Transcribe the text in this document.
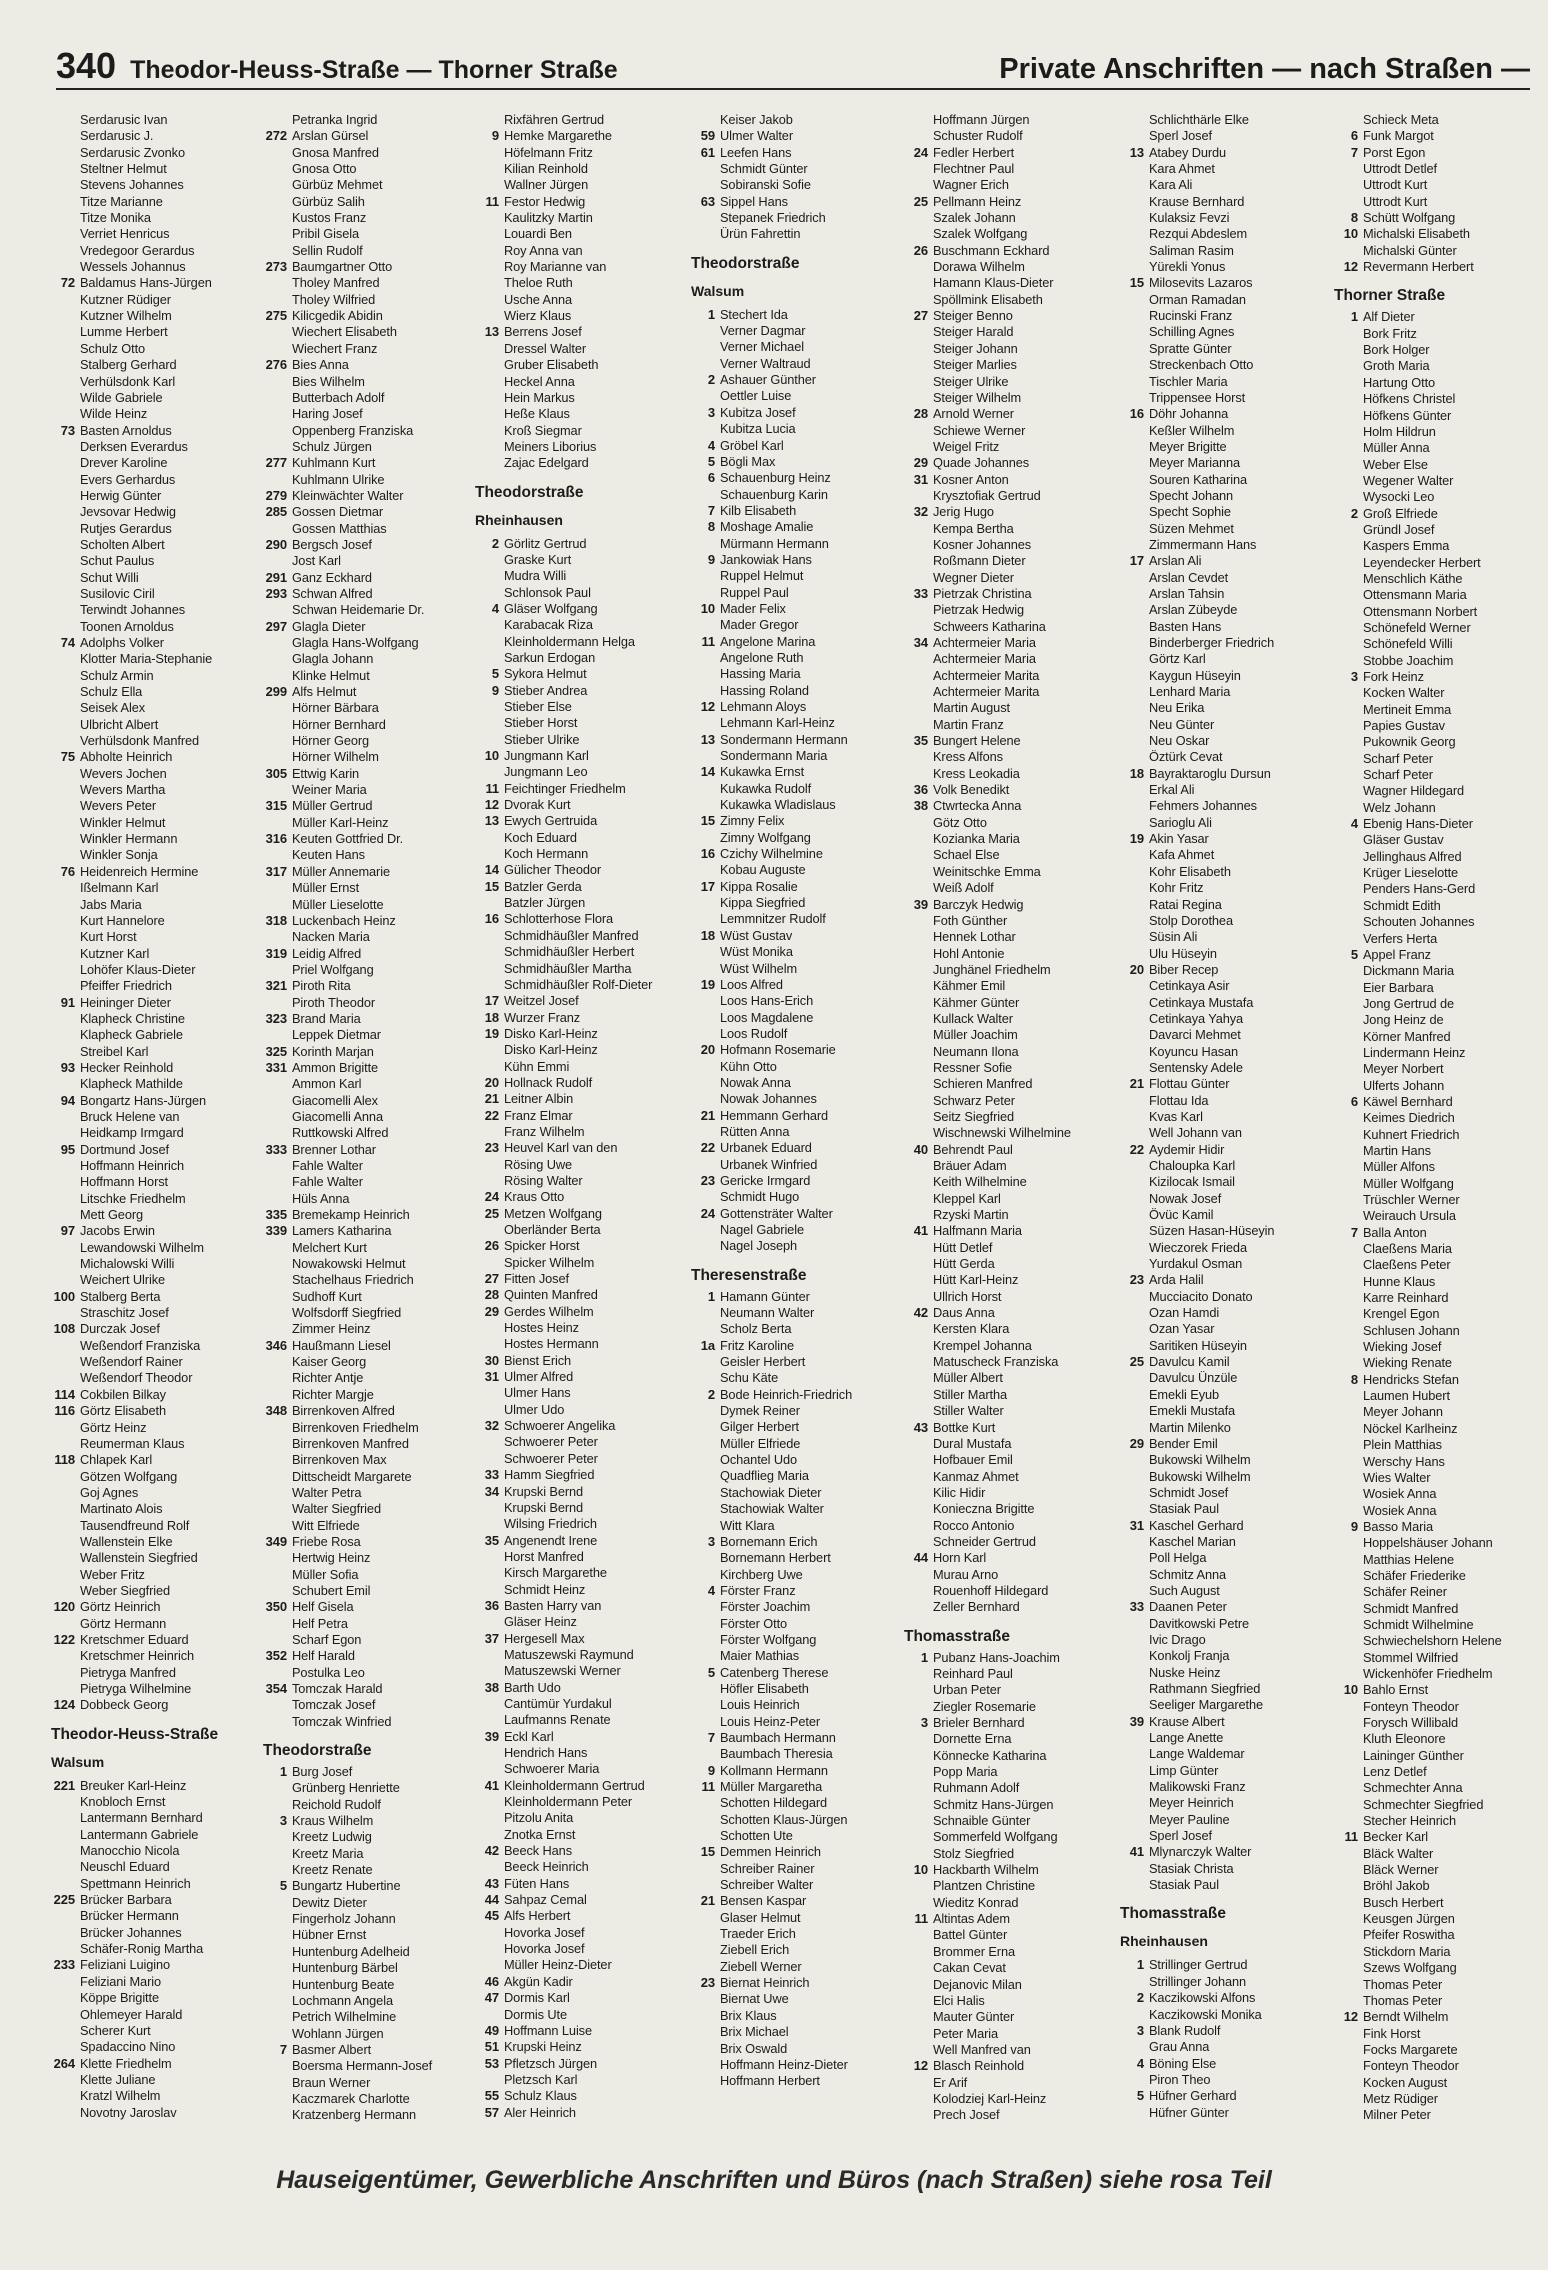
340 Theodor-Heuss-Straße — Thorner Straße	Private Anschriften — nach Straßen —
Serdarusic Ivan
Serdarusic J.
Serdarusic Zvonko
Steltner Helmut
Stevens Johannes
Titze Marianne
Titze Monika
Verriet Henricus
Vredegoor Gerardus
Wessels Johannus
72 Baldamus Hans-Jürgen
Kutzner Rüdiger
Kutzner Wilhelm
Lumme Herbert
Schulz Otto
Stalberg Gerhard
Verhülsdonk Karl
Wilde Gabriele
Wilde Heinz
73 Basten Arnoldus
Derksen Everardus
Drever Karoline
Evers Gerhardus
Herwig Günter
Jevsovar Hedwig
Rutjes Gerardus
Scholten Albert
Schut Paulus
Schut Willi
Susilovic Ciril
Terwindt Johannes
Toonen Arnoldus
74 Adolphs Volker
Klotter Maria-Stephanie
Schulz Armin
Schulz Ella
Seisek Alex
Ulbricht Albert
Verhülsdonk Manfred
75 Abholte Heinrich
Wevers Jochen
Wevers Martha
Wevers Peter
Winkler Helmut
Winkler Hermann
Winkler Sonja
76 Heidenreich Hermine
Ißelmann Karl
Jabs Maria
Kurt Hannelore
Kurt Horst
Kutzner Karl
Lohöfer Klaus-Dieter
Pfeiffer Friedrich
91 Heininger Dieter
Klapheck Christine
Klapheck Gabriele
Streibel Karl
93 Hecker Reinhold
Klapheck Mathilde
94 Bongartz Hans-Jürgen
Bruck Helene van
Heidkamp Irmgard
95 Dortmund Josef
Hoffmann Heinrich
Hoffmann Horst
Litschke Friedhelm
Mett Georg
97 Jacobs Erwin
Lewandowski Wilhelm
Michalowski Willi
Weichert Ulrike
100 Stalberg Berta
Straschitz Josef
108 Durczak Josef
Weßendorf Franziska
Weßendorf Rainer
Weßendorf Theodor
114 Cokbilen Bilkay
116 Görtz Elisabeth
Görtz Heinz
Reumerman Klaus
118 Chlapek Karl
Götzen Wolfgang
Goj Agnes
Martinato Alois
Tausendfreund Rolf
Wallenstein Elke
Wallenstein Siegfried
Weber Fritz
Weber Siegfried
120 Görtz Heinrich
Görtz Hermann
122 Kretschmer Eduard
Kretschmer Heinrich
Pietryga Manfred
Pietryga Wilhelmine
124 Dobbeck Georg
Theodor-Heuss-Straße
Walsum
221 Breuker Karl-Heinz
Knobloch Ernst
Lantermann Bernhard
Lantermann Gabriele
Manocchio Nicola
Neuschl Eduard
Spettmann Heinrich
225 Brücker Barbara
Brücker Hermann
Brücker Johannes
Schäfer-Ronig Martha
233 Feliziani Luigino
Feliziani Mario
Köppe Brigitte
Ohlemeyer Harald
Scherer Kurt
Spadaccino Nino
264 Klette Friedhelm
Klette Juliane
Kratzl Wilhelm
Novotny Jaroslav
Petranka Ingrid
272 Arslan Gürsel
Gnosa Manfred
Gnosa Otto
Gürbüz Mehmet
Gürbüz Salih
Kustos Franz
Pribil Gisela
Sellin Rudolf
273 Baumgartner Otto
Tholey Manfred
Tholey Wilfried
275 Kilicgedik Abidin
Wiechert Elisabeth
Wiechert Franz
276 Bies Anna
Bies Wilhelm
Butterbach Adolf
Haring Josef
Oppenberg Franziska
Schulz Jürgen
277 Kuhlmann Kurt
Kuhlmann Ulrike
279 Kleinwächter Walter
285 Gossen Dietmar
Gossen Matthias
290 Bergsch Josef
Jost Karl
291 Ganz Eckhard
293 Schwan Alfred
Schwan Heidemarie Dr.
297 Glagla Dieter
Glagla Hans-Wolfgang
Glagla Johann
Klinke Helmut
299 Alfs Helmut
Hörner Bärbara
Hörner Bernhard
Hörner Georg
Hörner Wilhelm
305 Ettwig Karin
Weiner Maria
315 Müller Gertrud
Müller Karl-Heinz
316 Keuten Gottfried Dr.
Keuten Hans
317 Müller Annemarie
Müller Ernst
Müller Lieselotte
318 Luckenbach Heinz
Nacken Maria
319 Leidig Alfred
Priel Wolfgang
321 Piroth Rita
Piroth Theodor
323 Brand Maria
Leppek Dietmar
325 Korinth Marjan
331 Ammon Brigitte
Ammon Karl
Giacomelli Alex
Giacomelli Anna
Ruttkowski Alfred
333 Brenner Lothar
Fahle Walter
Fahle Walter
Hüls Anna
335 Bremekamp Heinrich
339 Lamers Katharina
Melchert Kurt
Nowakowski Helmut
Stachelhaus Friedrich
Sudhoff Kurt
Wolfsdorff Siegfried
Zimmer Heinz
346 Haußmann Liesel
Kaiser Georg
Richter Antje
Richter Margje
348 Birrenkoven Alfred
Birrenkoven Friedhelm
Birrenkoven Manfred
Birrenkoven Max
Dittscheidt Margarete
Walter Petra
Walter Siegfried
Witt Elfriede
349 Friebe Rosa
Hertwig Heinz
Müller Sofia
Schubert Emil
350 Helf Gisela
Helf Petra
Scharf Egon
352 Helf Harald
Postulka Leo
354 Tomczak Harald
Tomczak Josef
Tomczak Winfried
Theodorstraße
1 Burg Josef
Grünberg Henriette
Reichold Rudolf
3 Kraus Wilhelm
Kreetz Ludwig
Kreetz Maria
Kreetz Renate
5 Bungartz Hubertine
Dewitz Dieter
Fingerholz Johann
Hübner Ernst
Huntenburg Adelheid
Huntenburg Bärbel
Huntenburg Beate
Lochmann Angela
Petrich Wilhelmine
Wohlann Jürgen
7 Basmer Albert
Boersma Hermann-Josef
Braun Werner
Kaczmarek Charlotte
Kratzenberg Hermann
Rixfähren Gertrud
9 Hemke Margarethe
Höfelmann Fritz
Kilian Reinhold
Wallner Jürgen
11 Festor Hedwig
Kaulitzky Martin
Louardi Ben
Roy Anna van
Roy Marianne van
Theloe Ruth
Usche Anna
Wierz Klaus
13 Berrens Josef
Dressel Walter
Gruber Elisabeth
Heckel Anna
Hein Markus
Heße Klaus
Kroß Siegmar
Meiners Liborius
Zajac Edelgard
Theodorstraße
Rheinhausen
2 Görlitz Gertrud
Graske Kurt
Mudra Willi
Schlonsok Paul
4 Gläser Wolfgang
Karabacak Riza
Kleinholdermann Helga
Sarkun Erdogan
5 Sykora Helmut
9 Stieber Andrea
Stieber Else
Stieber Horst
Stieber Ulrike
10 Jungmann Karl
Jungmann Leo
11 Feichtinger Friedhelm
12 Dvorak Kurt
13 Ewych Gertruida
Koch Eduard
Koch Hermann
14 Gülicher Theodor
15 Batzler Gerda
Batzler Jürgen
16 Schlotterhose Flora
Schmidhäußler Manfred
Schmidhäußler Herbert
Schmidhäußler Martha
Schmidhäußler Rolf-Dieter
17 Weitzel Josef
18 Wurzer Franz
19 Disko Karl-Heinz
Disko Karl-Heinz
Kühn Emmi
20 Hollnack Rudolf
21 Leitner Albin
22 Franz Elmar
Franz Wilhelm
23 Heuvel Karl van den
Rösing Uwe
Rösing Walter
24 Kraus Otto
25 Metzen Wolfgang
Oberländer Berta
26 Spicker Horst
Spicker Wilhelm
27 Fitten Josef
28 Quinten Manfred
29 Gerdes Wilhelm
Hostes Heinz
Hostes Hermann
30 Bienst Erich
31 Ulmer Alfred
Ulmer Hans
Ulmer Udo
32 Schwoerer Angelika
Schwoerer Peter
Schwoerer Peter
33 Hamm Siegfried
34 Krupski Bernd
Krupski Bernd
Wilsing Friedrich
35 Angenendt Irene
Horst Manfred
Kirsch Margarethe
Schmidt Heinz
36 Basten Harry van
Gläser Heinz
37 Hergesell Max
Matuszewski Raymund
Matuszewski Werner
38 Barth Udo
Cantümür Yurdakul
Laufmanns Renate
39 Eckl Karl
Hendrich Hans
Schwoerer Maria
41 Kleinholdermann Gertrud
Kleinholdermann Peter
Pitzolu Anita
Znotka Ernst
42 Beeck Hans
Beeck Heinrich
43 Füten Hans
44 Sahpaz Cemal
45 Alfs Herbert
Hovorka Josef
Hovorka Josef
Müller Heinz-Dieter
46 Akgün Kadir
47 Dormis Karl
Dormis Ute
49 Hoffmann Luise
51 Krupski Heinz
53 Pfletzsch Jürgen
Pletzsch Karl
55 Schulz Klaus
57 Aler Heinrich
Keiser Jakob
59 Ulmer Walter
61 Leefen Hans
Schmidt Günter
Sobiranski Sofie
63 Sippel Hans
Stepanek Friedrich
Ürün Fahrettin
Theodorstraße
Walsum
1 Stechert Ida
Verner Dagmar
Verner Michael
Verner Waltraud
2 Ashauer Günther
Oettler Luise
3 Kubitza Josef
Kubitza Lucia
4 Gröbel Karl
5 Bögli Max
6 Schauenburg Heinz
Schauenburg Karin
7 Kilb Elisabeth
8 Moshage Amalie
Mürmann Hermann
9 Jankowiak Hans
Ruppel Helmut
Ruppel Paul
10 Mader Felix
Mader Gregor
11 Angelone Marina
Angelone Ruth
Hassing Maria
Hassing Roland
12 Lehmann Aloys
Lehmann Karl-Heinz
13 Sondermann Hermann
Sondermann Maria
14 Kukawka Ernst
Kukawka Rudolf
Kukawka Wladislaus
15 Zimny Felix
Zimny Wolfgang
16 Czichy Wilhelmine
Kobau Auguste
17 Kippa Rosalie
Kippa Siegfried
Lemmnitzer Rudolf
18 Wüst Gustav
Wüst Monika
Wüst Wilhelm
19 Loos Alfred
Loos Hans-Erich
Loos Magdalene
Loos Rudolf
20 Hofmann Rosemarie
Kühn Otto
Nowak Anna
Nowak Johannes
21 Hemmann Gerhard
Rütten Anna
22 Urbanek Eduard
Urbanek Winfried
23 Gericke Irmgard
Schmidt Hugo
24 Gottensträter Walter
Nagel Gabriele
Nagel Joseph
Theresenstraße
1 Hamann Günter
Neumann Walter
Scholz Berta
1a Fritz Karoline
Geisler Herbert
Schu Käte
2 Bode Heinrich-Friedrich
Dymek Reiner
Gilger Herbert
Müller Elfriede
Ochantel Udo
Quadflieg Maria
Stachowiak Dieter
Stachowiak Walter
Witt Klara
3 Bornemann Erich
Bornemann Herbert
Kirchberg Uwe
4 Förster Franz
Förster Joachim
Förster Otto
Förster Wolfgang
Maier Mathias
5 Catenberg Therese
Höfler Elisabeth
Louis Heinrich
Louis Heinz-Peter
7 Baumbach Hermann
Baumbach Theresia
9 Kollmann Hermann
11 Müller Margaretha
Schotten Hildegard
Schotten Klaus-Jürgen
Schotten Ute
15 Demmen Heinrich
Schreiber Rainer
Schreiber Walter
21 Bensen Kaspar
Glaser Helmut
Traeder Erich
Ziebell Erich
Ziebell Werner
23 Biernat Heinrich
Biernat Uwe
Brix Klaus
Brix Michael
Brix Oswald
Hoffmann Heinz-Dieter
Hoffmann Herbert
Hoffmann Jürgen
Schuster Rudolf
24 Fedler Herbert
Flechtner Paul
Wagner Erich
25 Pellmann Heinz
Szalek Johann
Szalek Wolfgang
26 Buschmann Eckhard
Dorawa Wilhelm
Hamann Klaus-Dieter
Spöllmink Elisabeth
27 Steiger Benno
Steiger Harald
Steiger Johann
Steiger Marlies
Steiger Ulrike
Steiger Wilhelm
28 Arnold Werner
Schiewe Werner
Weigel Fritz
29 Quade Johannes
31 Kosner Anton
Krysztofiak Gertrud
32 Jerig Hugo
Kempa Bertha
Kosner Johannes
Roßmann Dieter
Wegner Dieter
33 Pietrzak Christina
Pietrzak Hedwig
Schweers Katharina
34 Achtermeier Maria
Achtermeier Maria
Achtermeier Marita
Achtermeier Marita
Martin August
Martin Franz
35 Bungert Helene
Kress Alfons
Kress Leokadia
36 Volk Benedikt
38 Ctwrtecka Anna
Götz Otto
Kozianka Maria
Schael Else
Weinitschke Emma
Weiß Adolf
39 Barczyk Hedwig
Foth Günther
Hennek Lothar
Hohl Antonie
Junghänel Friedhelm
Kähmer Emil
Kähmer Günter
Kullack Walter
Müller Joachim
Neumann Ilona
Ressner Sofie
Schieren Manfred
Schwarz Peter
Seitz Siegfried
Wischnewski Wilhelmine
40 Behrendt Paul
Bräuer Adam
Keith Wilhelmine
Kleppel Karl
Rzyski Martin
41 Halfmann Maria
Hütt Detlef
Hütt Gerda
Hütt Karl-Heinz
Ullrich Horst
42 Daus Anna
Kersten Klara
Krempel Johanna
Matuscheck Franziska
Müller Albert
Stiller Martha
Stiller Walter
43 Bottke Kurt
Dural Mustafa
Hofbauer Emil
Kanmaz Ahmet
Kilic Hidir
Konieczna Brigitte
Rocco Antonio
Schneider Gertrud
44 Horn Karl
Murau Arno
Rouenhoff Hildegard
Zeller Bernhard
Thomasstraße
1 Pubanz Hans-Joachim
Reinhard Paul
Urban Peter
Ziegler Rosemarie
3 Brieler Bernhard
Dornette Erna
Könnecke Katharina
Popp Maria
Ruhmann Adolf
Schmitz Hans-Jürgen
Schnaible Günter
Sommerfeld Wolfgang
Stolz Siegfried
10 Hackbarth Wilhelm
Plantzen Christine
Wieditz Konrad
11 Altintas Adem
Battel Günter
Brommer Erna
Cakan Cevat
Dejanovic Milan
Elci Halis
Mauter Günter
Peter Maria
Well Manfred van
12 Blasch Reinhold
Er Arif
Kolodziej Karl-Heinz
Prech Josef
Schlichthärle Elke
Sperl Josef
13 Atabey Durdu
Kara Ahmet
Kara Ali
Krause Bernhard
Kulaksiz Fevzi
Rezqui Abdeslem
Saliman Rasim
Yürekli Yonus
15 Milosevits Lazaros
Orman Ramadan
Rucinski Franz
Schilling Agnes
Spratte Günter
Streckenbach Otto
Tischler Maria
Trippensee Horst
16 Döhr Johanna
Keßler Wilhelm
Meyer Brigitte
Meyer Marianna
Souren Katharina
Specht Johann
Specht Sophie
Süzen Mehmet
Zimmermann Hans
17 Arslan Ali
Arslan Cevdet
Arslan Tahsin
Arslan Zübeyde
Basten Hans
Binderberger Friedrich
Görtz Karl
Kaygun Hüseyin
Lenhard Maria
Neu Erika
Neu Günter
Neu Oskar
Öztürk Cevat
18 Bayraktaroglu Dursun
Erkal Ali
Fehmers Johannes
Sarioglu Ali
19 Akin Yasar
Kafa Ahmet
Kohr Elisabeth
Kohr Fritz
Ratai Regina
Stolp Dorothea
Süsin Ali
Ulu Hüseyin
20 Biber Recep
Cetinkaya Asir
Cetinkaya Mustafa
Cetinkaya Yahya
Davarci Mehmet
Koyuncu Hasan
Sentensky Adele
21 Flottau Günter
Flottau Ida
Kvas Karl
Well Johann van
22 Aydemir Hidir
Chaloupka Karl
Kizilocak Ismail
Nowak Josef
Övüc Kamil
Süzen Hasan-Hüseyin
Wieczorek Frieda
Yurdakul Osman
23 Arda Halil
Mucciacito Donato
Ozan Hamdi
Ozan Yasar
Saritiken Hüseyin
25 Davulcu Kamil
Davulcu Ünzüle
Emekli Eyub
Emekli Mustafa
Martin Milenko
29 Bender Emil
Bukowski Wilhelm
Bukowski Wilhelm
Schmidt Josef
Stasiak Paul
31 Kaschel Gerhard
Kaschel Marian
Poll Helga
Schmitz Anna
Such August
33 Daanen Peter
Davitkowski Petre
Ivic Drago
Konkolj Franja
Nuske Heinz
Rathmann Siegfried
Seeliger Margarethe
39 Krause Albert
Lange Anette
Lange Waldemar
Limp Günter
Malikowski Franz
Meyer Heinrich
Meyer Pauline
Sperl Josef
41 Mlynarczyk Walter
Stasiak Christa
Stasiak Paul
Thomasstraße
Rheinhausen
1 Strillinger Gertrud
Strillinger Johann
2 Kaczikowski Alfons
Kaczikowski Monika
3 Blank Rudolf
Grau Anna
4 Böning Else
Piron Theo
5 Hüfner Gerhard
Hüfner Günter
Schieck Meta
6 Funk Margot
7 Porst Egon
Uttrodt Detlef
Uttrodt Kurt
Uttrodt Kurt
8 Schütt Wolfgang
10 Michalski Elisabeth
Michalski Günter
12 Revermann Herbert
Thorner Straße
1 Alf Dieter
Bork Fritz
Bork Holger
Groth Maria
Hartung Otto
Höfkens Christel
Höfkens Günter
Holm Hildrun
Müller Anna
Weber Else
Wegener Walter
Wysocki Leo
2 Groß Elfriede
Gründl Josef
Kaspers Emma
Leyendecker Herbert
Menschlich Käthe
Ottensmann Maria
Ottensmann Norbert
Schönefeld Werner
Schönefeld Willi
Stobbe Joachim
3 Fork Heinz
Kocken Walter
Mertineit Emma
Papies Gustav
Pukownik Georg
Scharf Peter
Scharf Peter
Wagner Hildegard
Welz Johann
4 Ebenig Hans-Dieter
Gläser Gustav
Jellinghaus Alfred
Krüger Lieselotte
Penders Hans-Gerd
Schmidt Edith
Schouten Johannes
Verfers Herta
5 Appel Franz
Dickmann Maria
Eier Barbara
Jong Gertrud de
Jong Heinz de
Körner Manfred
Lindermann Heinz
Meyer Norbert
Ulferts Johann
6 Käwel Bernhard
Keimes Diedrich
Kuhnert Friedrich
Martin Hans
Müller Alfons
Müller Wolfgang
Trüschler Werner
Weirauch Ursula
7 Balla Anton
Claeßens Maria
Claeßens Peter
Hunne Klaus
Karre Reinhard
Krengel Egon
Schlusen Johann
Wieking Josef
Wieking Renate
8 Hendricks Stefan
Laumen Hubert
Meyer Johann
Nöckel Karlheinz
Plein Matthias
Werschy Hans
Wies Walter
Wosiek Anna
Wosiek Anna
9 Basso Maria
Hoppelshäuser Johann
Matthias Helene
Schäfer Friederike
Schäfer Reiner
Schmidt Manfred
Schmidt Wilhelmine
Schwiechelshorn Helene
Stommel Wilfried
Wickenhöfer Friedhelm
10 Bahlo Ernst
Fonteyn Theodor
Forysch Willibald
Kluth Eleonore
Laininger Günther
Lenz Detlef
Schmechter Anna
Schmechter Siegfried
Stecher Heinrich
11 Becker Karl
Bläck Walter
Bläck Werner
Bröhl Jakob
Busch Herbert
Keusgen Jürgen
Pfeifer Roswitha
Stickdorn Maria
Szews Wolfgang
Thomas Peter
Thomas Peter
12 Berndt Wilhelm
Fink Horst
Focks Margarete
Fonteyn Theodor
Kocken August
Metz Rüdiger
Milner Peter
Hauseigentümer, Gewerbliche Anschriften und Büros (nach Straßen) siehe rosa Teil
